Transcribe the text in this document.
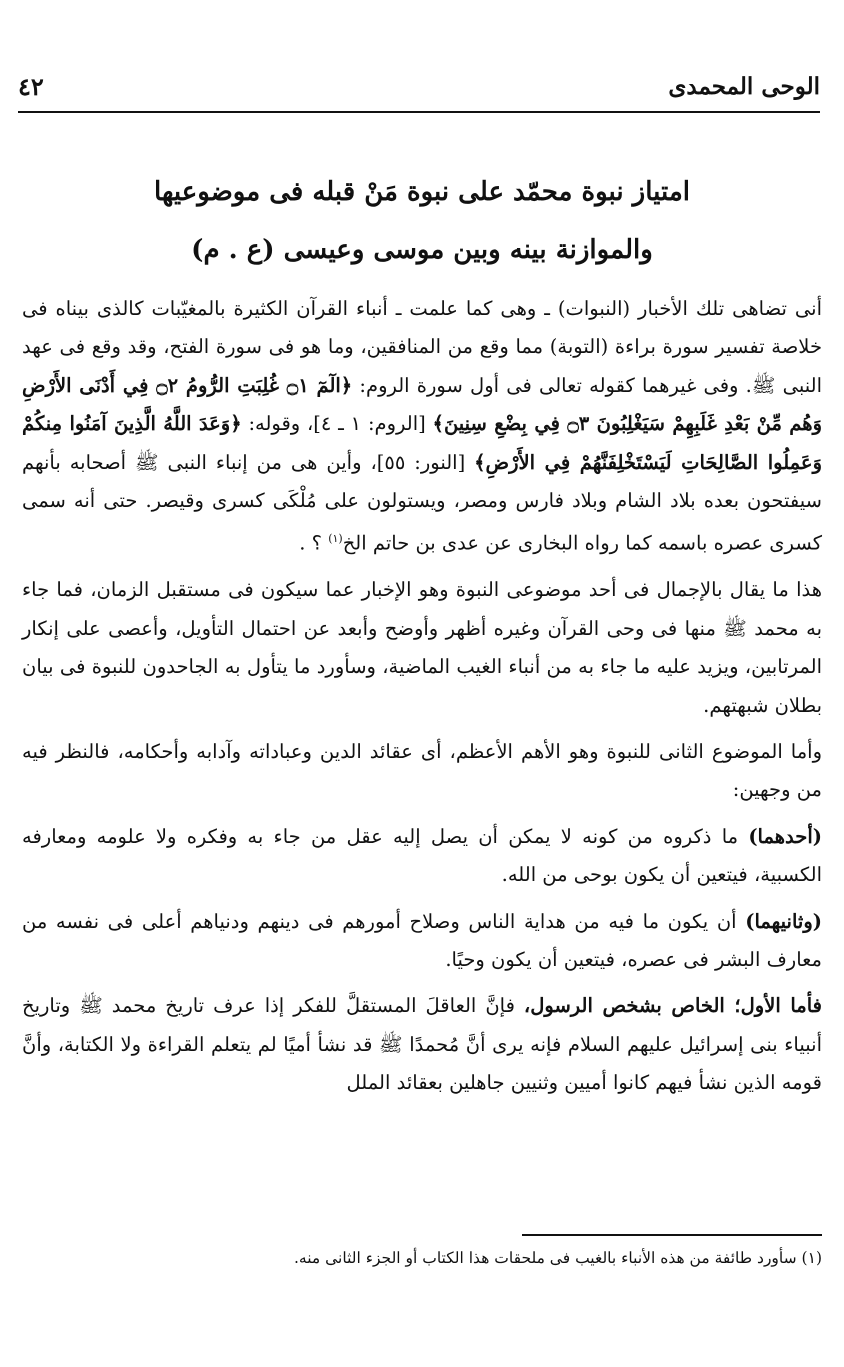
الوحى المحمدى
٤٢
امتياز نبوة محمّد على نبوة مَنْ قبله فى موضوعيها
والموازنة بينه وبين موسى وعيسى (ع . م)

أنى تضاهى تلك الأخبار (النبوات) ـ وهى كما علمت ـ أنباء القرآن الكثيرة بالمغيّبات كالذى بيناه فى خلاصة تفسير سورة براءة (التوبة) مما وقع من المنافقين، وما هو فى سورة الفتح، وقد وقع فى عهد النبى ﷺ. وفى غيرهما كقوله تعالى فى أول سورة الروم: ﴿الٓمٓ ۝١ غُلِبَتِ الرُّومُ ۝٢ فِي أَدْنَى الأَرْضِ وَهُم مِّنْ بَعْدِ غَلَبِهِمْ سَيَغْلِبُونَ ۝٣ فِي بِضْعِ سِنِينَ﴾ [الروم: ١ ـ ٤]، وقوله: ﴿وَعَدَ اللَّهُ الَّذِينَ آمَنُوا مِنكُمْ وَعَمِلُوا الصَّالِحَاتِ لَيَسْتَخْلِفَنَّهُمْ فِي الأَرْضِ﴾ [النور: ٥٥]، وأين هى من إنباء النبى ﷺ أصحابه بأنهم سيفتحون بعده بلاد الشام وبلاد فارس ومصر، ويستولون على مُلْكَى كسرى وقيصر. حتى أنه سمى كسرى عصره باسمه كما رواه البخارى عن عدى بن حاتم الخ$^{(١)}$ ؟ .

هذا ما يقال بالإجمال فى أحد موضوعى النبوة وهو الإخبار عما سيكون فى مستقبل الزمان، فما جاء به محمد ﷺ منها فى وحى القرآن وغيره أظهر وأوضح وأبعد عن احتمال التأويل، وأعصى على إنكار المرتابين، ويزيد عليه ما جاء به من أنباء الغيب الماضية، وسأورد ما يتأول به الجاحدون للنبوة فى بيان بطلان شبهتهم.

وأما الموضوع الثانى للنبوة وهو الأهم الأعظم، أى عقائد الدين وعباداته وآدابه وأحكامه، فالنظر فيه من وجهين:

(أحدهما) ما ذكروه من كونه لا يمكن أن يصل إليه عقل من جاء به وفكره ولا علومه ومعارفه الكسبية، فيتعين أن يكون بوحى من الله.

(وثانيهما) أن يكون ما فيه من هداية الناس وصلاح أمورهم فى دينهم ودنياهم أعلى فى نفسه من معارف البشر فى عصره، فيتعين أن يكون وحيًا.

فأما الأول؛ الخاص بشخص الرسول، فإنَّ العاقلَ المستقلَّ للفكر إذا عرف تاريخ محمد ﷺ وتاريخ أنبياء بنى إسرائيل عليهم السلام فإنه يرى أنَّ مُحمدًا ﷺ قد نشأ أميًا لم يتعلم القراءة ولا الكتابة، وأنَّ قومه الذين نشأ فيهم كانوا أميين وثنيين جاهلين بعقائد الملل

(١) سأورد طائفة من هذه الأنباء بالغيب فى ملحقات هذا الكتاب أو الجزء الثانى منه.
